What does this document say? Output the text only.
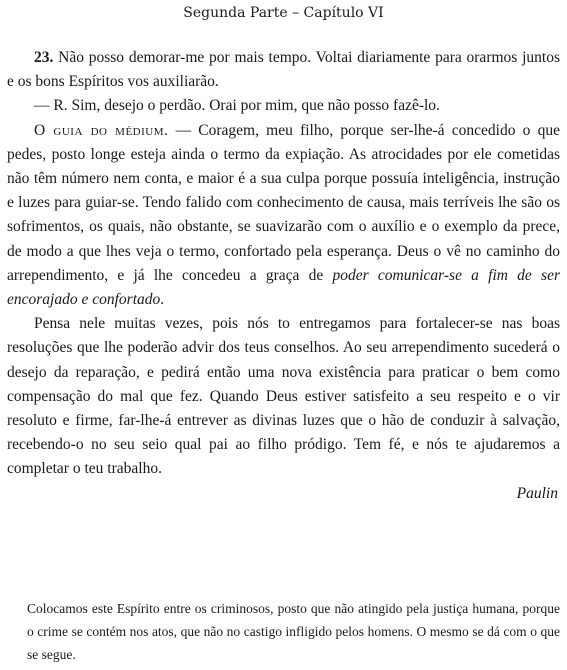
Segunda Parte – Capítulo VI

23. Não posso demorar-me por mais tempo. Voltai diariamente para orarmos juntos e os bons Espíritos vos auxiliarão.

— R. Sim, desejo o perdão. Orai por mim, que não posso fazê-lo.

O guia do médium. — Coragem, meu filho, porque ser-lhe-á concedido o que pedes, posto longe esteja ainda o termo da expiação. As atrocidades por ele cometidas não têm número nem conta, e maior é a sua culpa porque possuía inteligência, instrução e luzes para guiar-se. Tendo falido com conhecimento de causa, mais terríveis lhe são os sofrimentos, os quais, não obstante, se suavizarão com o auxílio e o exemplo da prece, de modo a que lhes veja o termo, confortado pela esperança. Deus o vê no caminho do arrependimento, e já lhe concedeu a graça de poder comunicar-se a fim de ser encorajado e confortado.

Pensa nele muitas vezes, pois nós to entregamos para fortalecer-se nas boas resoluções que lhe poderão advir dos teus conselhos. Ao seu arrependimento sucederá o desejo da reparação, e pedirá então uma nova existência para praticar o bem como compensação do mal que fez. Quando Deus estiver satisfeito a seu respeito e o vir resoluto e firme, far-lhe-á entrever as divinas luzes que o hão de conduzir à salvação, recebendo-o no seu seio qual pai ao filho pródigo. Tem fé, e nós te ajudaremos a completar o teu trabalho.

Paulin

Colocamos este Espírito entre os criminosos, posto que não atingido pela justiça humana, porque o crime se contém nos atos, que não no castigo infligido pelos homens. O mesmo se dá com o que se segue.
